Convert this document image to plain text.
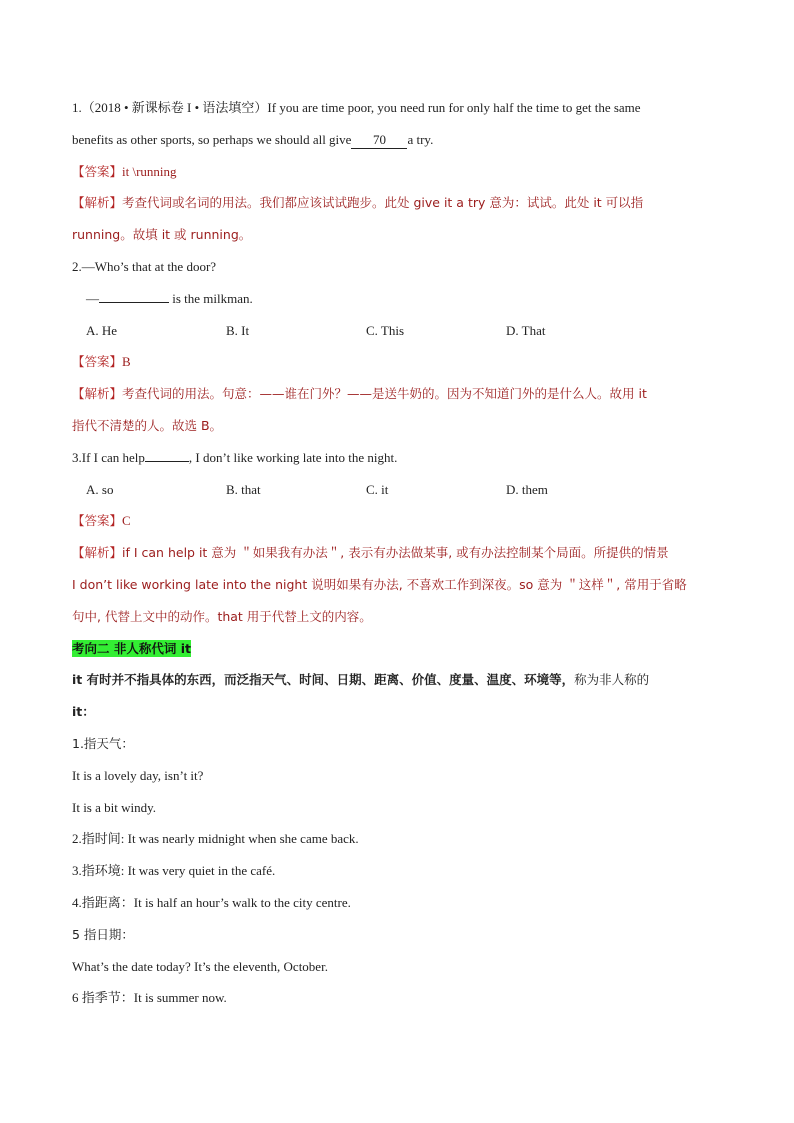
1.（2018 • 新课标卷 I • 语法填空）If you are time poor, you need run for only half the time to get the same
benefits as other sports, so perhaps we should all give 70 a try.
【答案】it \running
【解析】考查代词或名词的用法。我们都应该试试跑步。此处 give it a try 意为：试试。此处 it 可以指
running。故填 it 或 running。
2.—Who’s that at the door?
—	is the milkman.
A. He	B. It	C. This	D. That
【答案】B
【解析】考查代词的用法。句意：——谁在门外？——是送牛奶的。因为不知道门外的是什么人。故用 it
指代不清楚的人。故选 B。
3.If I can help	, I don’t like working late into the night.
A. so	B. that	C. it	D. them
【答案】C
【解析】if I can help it 意为 ＂如果我有办法＂, 表示有办法做某事, 或有办法控制某个局面。所提供的情景
I don’t like working late into the night 说明如果有办法, 不喜欢工作到深夜。so 意为 ＂这样＂, 常用于省略
句中, 代替上文中的动作。that 用于代替上文的内容。
考向二 非人称代词 it
it 有时并不指具体的东西，而泛指天气、时间、日期、距离、价值、度量、温度、环境等，称为非人称的
it：
1.指天气：
It is a lovely day, isn’t it?
It is a bit windy.
2.指时间: It was nearly midnight when she came back.
3.指环境: It was very quiet in the café.
4.指距离：It is half an hour’s walk to the city centre.
5 指日期：
What’s the date today? It’s the eleventh, October.
6 指季节：It is summer now.
